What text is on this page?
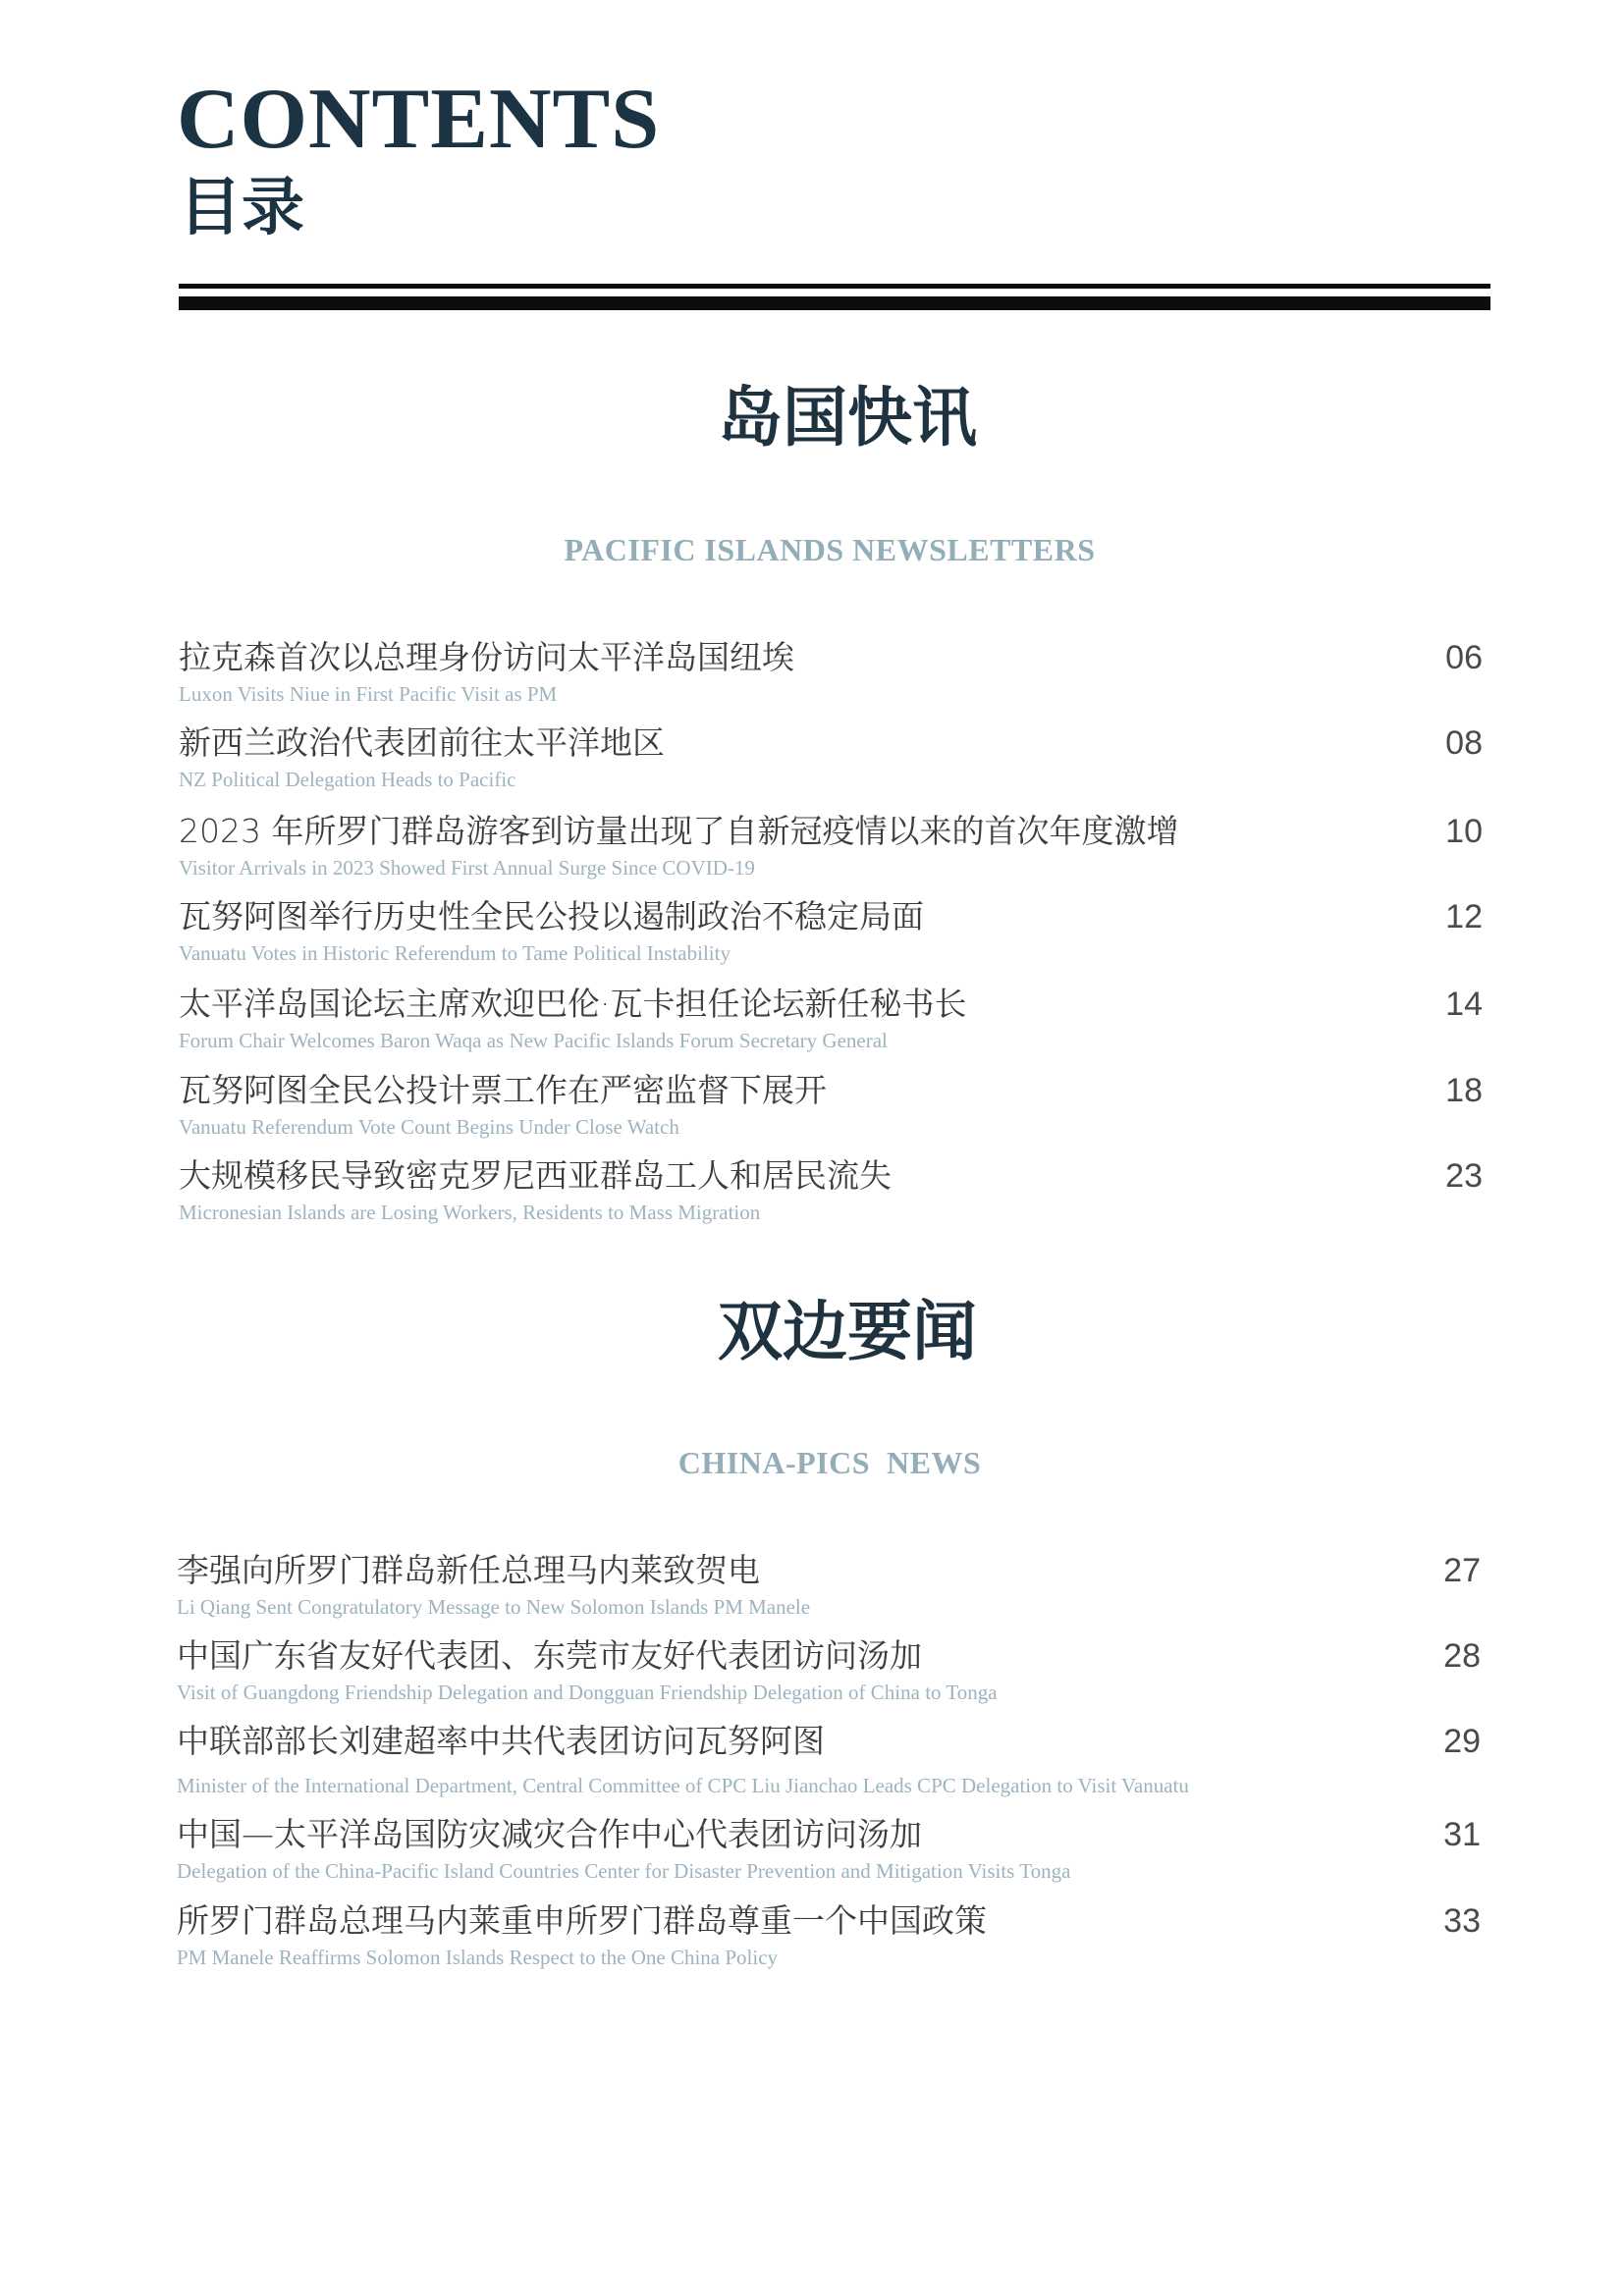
CONTENTS
目录
岛国快讯
PACIFIC ISLANDS NEWSLETTERS
拉克森首次以总理身份访问太平洋岛国纽埃
Luxon Visits Niue in First Pacific Visit as PM
06
新西兰政治代表团前往太平洋地区
NZ Political Delegation Heads to Pacific
08
2023 年所罗门群岛游客到访量出现了自新冠疫情以来的首次年度激增
Visitor Arrivals in 2023 Showed First Annual Surge Since COVID-19
10
瓦努阿图举行历史性全民公投以遏制政治不稳定局面
Vanuatu Votes in Historic Referendum to Tame Political Instability
12
太平洋岛国论坛主席欢迎巴伦·瓦卡担任论坛新任秘书长
Forum Chair Welcomes Baron Waqa as New Pacific Islands Forum Secretary General
14
瓦努阿图全民公投计票工作在严密监督下展开
Vanuatu Referendum Vote Count Begins Under Close Watch
18
大规模移民导致密克罗尼西亚群岛工人和居民流失
Micronesian Islands are Losing Workers, Residents to Mass Migration
23
双边要闻
CHINA-PICS  NEWS
李强向所罗门群岛新任总理马内莱致贺电
Li Qiang Sent Congratulatory Message to New Solomon Islands PM Manele
27
中国广东省友好代表团、东莞市友好代表团访问汤加
Visit of Guangdong Friendship Delegation and Dongguan Friendship Delegation of China to Tonga
28
中联部部长刘建超率中共代表团访问瓦努阿图
Minister of the International Department, Central Committee of CPC Liu Jianchao Leads CPC Delegation to Visit Vanuatu
29
中国—太平洋岛国防灾减灾合作中心代表团访问汤加
Delegation of the China-Pacific Island Countries Center for Disaster Prevention and Mitigation Visits Tonga
31
所罗门群岛总理马内莱重申所罗门群岛尊重一个中国政策
PM Manele Reaffirms Solomon Islands Respect to the One China Policy
33
